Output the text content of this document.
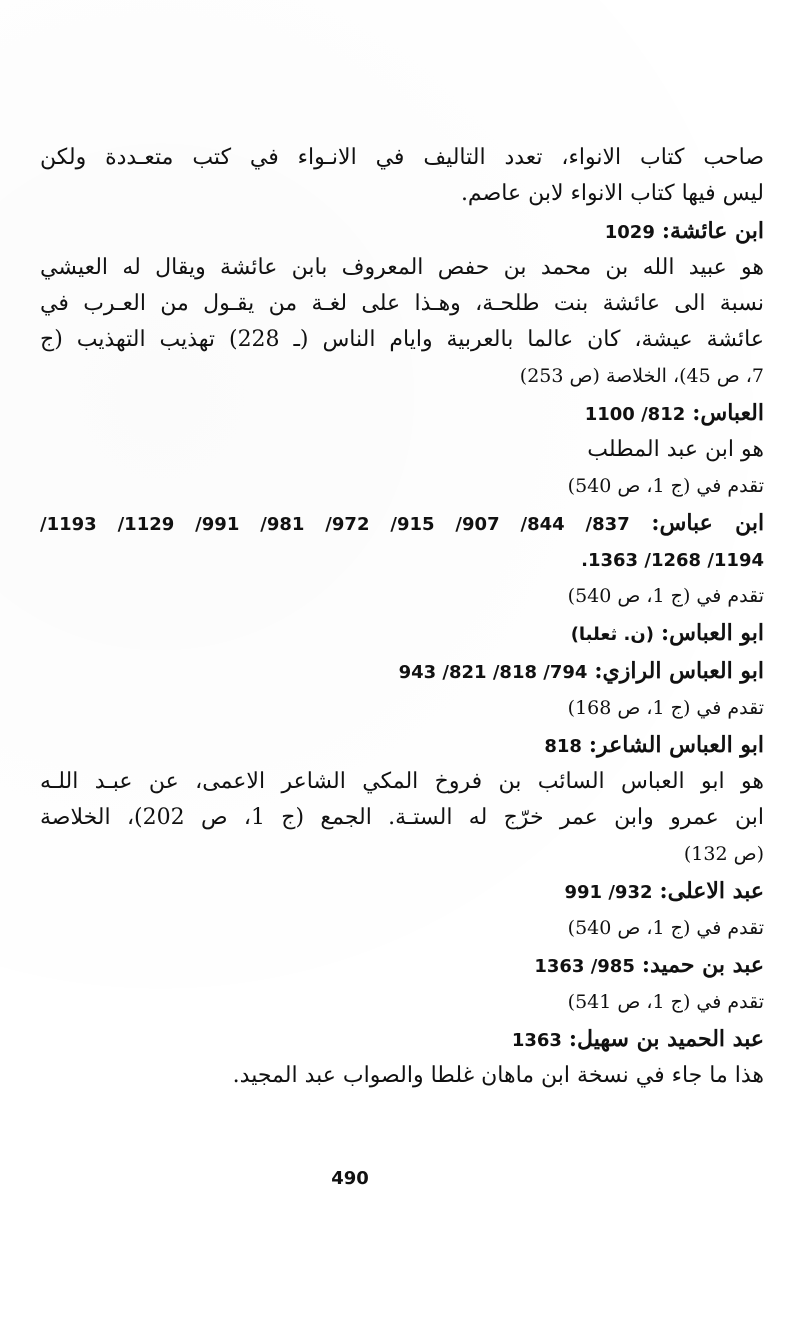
صاحب كتاب الانواء، تعدد التاليف في الانـواء في كتب متعـددة ولكن
ليس فيها كتاب الانواء لابن عاصم.
ابن عائشة: 1029
هو عبيد الله بن محمد بن حفص المعروف بابن عائشة ويقال له العيشي
نسبة الى عائشة بنت طلحـة، وهـذا على لغـة من يقـول من العـرب في
عائشة عيشة، كان عالما بالعربية وايام الناس (ـ 228) تهذيب التهذيب (ج
7، ص 45)، الخلاصة (ص 253)
العباس: 812/ 1100
هو ابن عبد المطلب
تقدم في (ج 1، ص 540)
ابن عباس: 837/ 844/ 907/ 915/ 972/ 981/ 991/ 1129/ 1193/
1194/ 1268/ 1363.
تقدم في (ج 1، ص 540)
ابو العباس: (ن. ثعلبا)
ابو العباس الرازي: 794/ 818/ 821/ 943
تقدم في (ج 1، ص 168)
ابو العباس الشاعر: 818
هو ابو العباس السائب بن فروخ المكي الشاعر الاعمى، عن عبـد اللـه
ابن عمرو وابن عمر خرّج له الستـة. الجمع (ج 1، ص 202)، الخلاصة
(ص 132)
عبد الاعلى: 932/ 991
تقدم في (ج 1، ص 540)
عبد بن حميد: 985/ 1363
تقدم في (ج 1، ص 541)
عبد الحميد بن سهيل: 1363
هذا ما جاء في نسخة ابن ماهان غلطا والصواب عبد المجيد.
490
